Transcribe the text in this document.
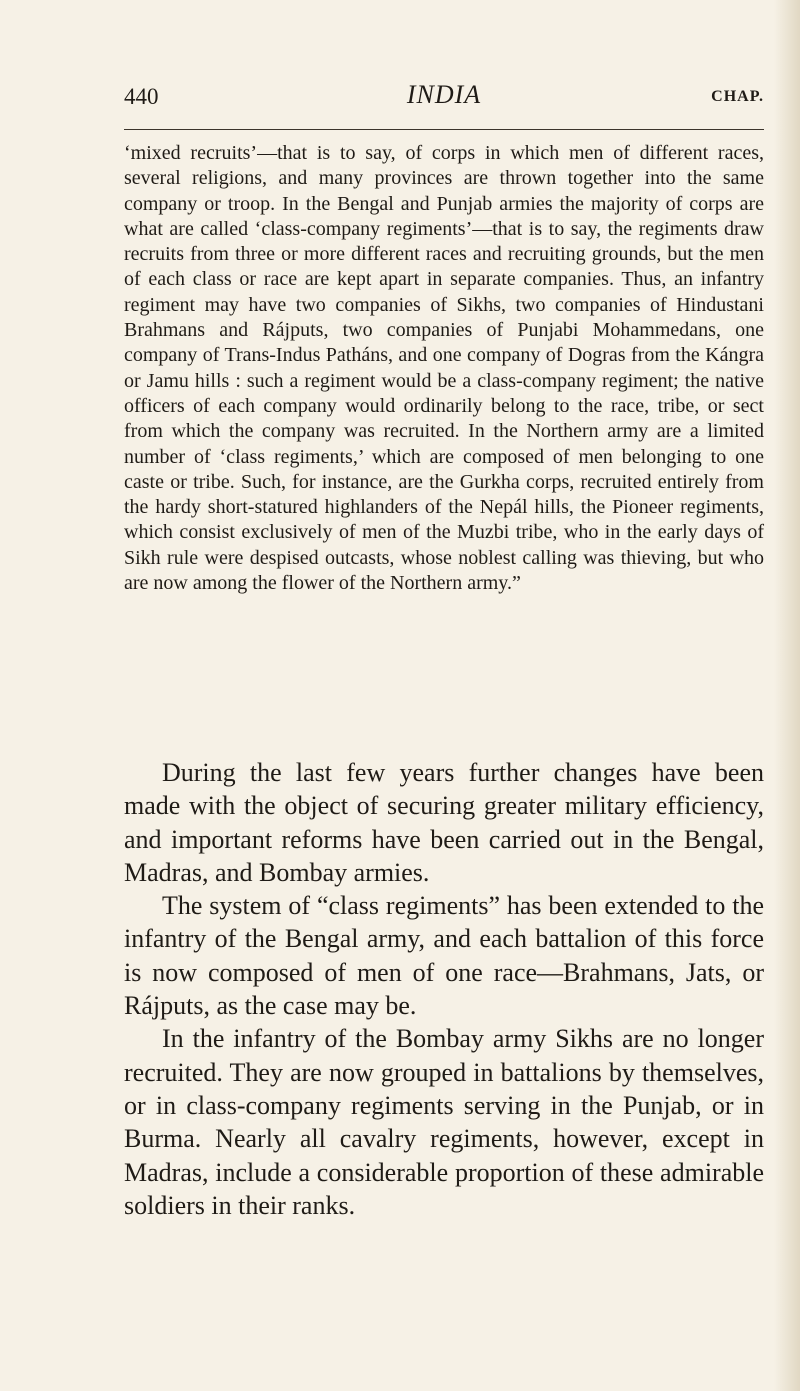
440	INDIA	CHAP.

‘mixed recruits’—that is to say, of corps in which men of different races, several religions, and many provinces are thrown together into the same company or troop. In the Bengal and Punjab armies the majority of corps are what are called ‘class-company regiments’—that is to say, the regiments draw recruits from three or more different races and recruiting grounds, but the men of each class or race are kept apart in separate companies. Thus, an infantry regiment may have two companies of Sikhs, two companies of Hindustani Brahmans and Rájputs, two companies of Punjabi Mohammedans, one company of Trans-Indus Patháns, and one company of Dogras from the Kángra or Jamu hills : such a regiment would be a class-company regiment; the native officers of each company would ordinarily belong to the race, tribe, or sect from which the company was recruited. In the Northern army are a limited number of ‘class regiments,’ which are composed of men belonging to one caste or tribe. Such, for instance, are the Gurkha corps, recruited entirely from the hardy short-statured highlanders of the Nepál hills, the Pioneer regiments, which consist exclusively of men of the Muzbi tribe, who in the early days of Sikh rule were despised outcasts, whose noblest calling was thieving, but who are now among the flower of the Northern army.”

During the last few years further changes have been made with the object of securing greater military efficiency, and important reforms have been carried out in the Bengal, Madras, and Bombay armies.

The system of “class regiments” has been extended to the infantry of the Bengal army, and each battalion of this force is now composed of men of one race—Brahmans, Jats, or Rájputs, as the case may be.

In the infantry of the Bombay army Sikhs are no longer recruited. They are now grouped in battalions by themselves, or in class-company regiments serving in the Punjab, or in Burma. Nearly all cavalry regiments, however, except in Madras, include a considerable proportion of these admirable soldiers in their ranks.
